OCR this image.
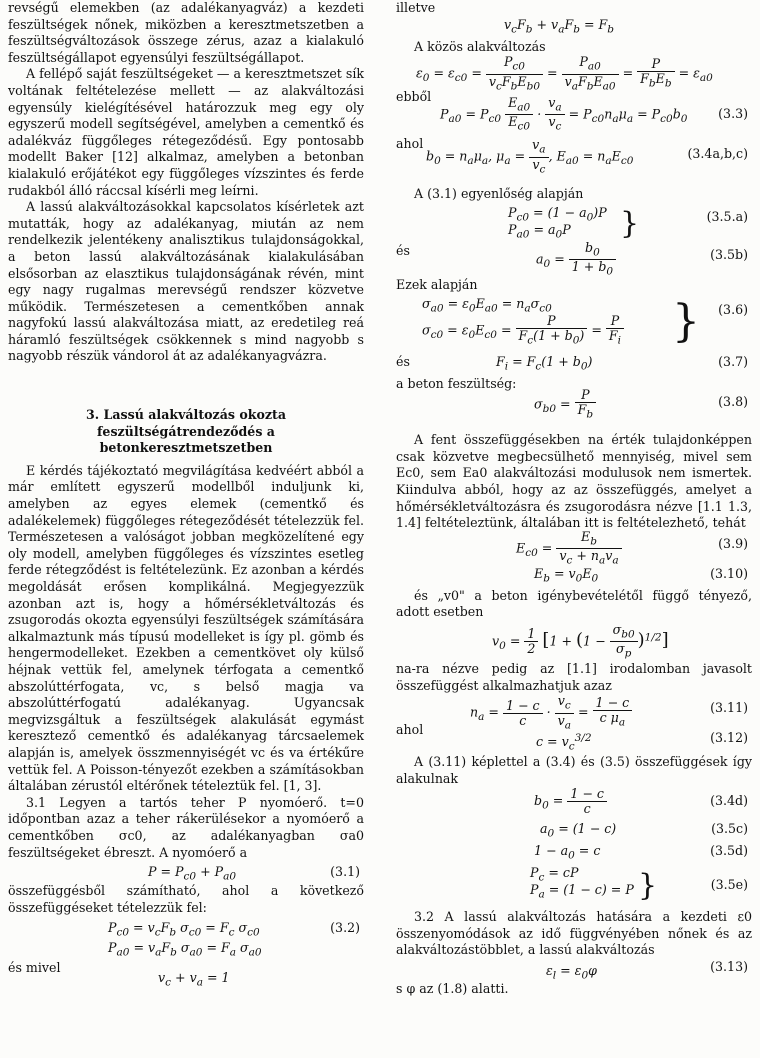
revségű elemekben (az adalékanyagváz) a kezdeti feszültségek nőnek, miközben a keresztmetszetben a feszültségváltozások összege zérus, azaz a kialakuló feszültségállapot egyensúlyi feszültségállapot.

A fellépő saját feszültségeket — a keresztmetszet sík voltának feltételezése mellett — az alakváltozási egyensúly kielégítésével határozzuk meg egy oly egyszerű modell segítségével, amelyben a cementkő és adalékváz függőleges rétegeződésű. Egy pontosabb modellt Baker [12] alkalmaz, amelyben a betonban kialakuló erőjátékot egy függőleges vízszintes és ferde rudakból álló ráccsal kísérli meg leírni.

A lassú alakváltozásokkal kapcsolatos kísérletek azt mutatták, hogy az adalékanyag, miután az nem rendelkezik jelentékeny analisztikus tulajdonságokkal, a beton lassú alakváltozásának kialakulásában elsősorban az elasztikus tulajdonságának révén, mint egy nagy rugalmas merevségű rendszer közvetve működik. Természetesen a cementkőben annak nagyfokú lassú alakváltozása miatt, az eredetileg reá háramló feszültségek csökkennek s mind nagyobb s nagyobb részük vándorol át az adalékanyagvázra.

3. Lassú alakváltozás okozta feszültségátrendeződés a betonkeresztmetszetben

E kérdés tájékoztató megvilágítása kedvéért abból a már említett egyszerű modellből induljunk ki, amelyben az egyes elemek (cementkő és adalékelemek) függőleges rétegeződését tételezzük fel. Természetesen a valóságot jobban megközelítené egy oly modell, amelyben függőleges és vízszintes esetleg ferde rétegződést is feltételezünk. Ez azonban a kérdés megoldását erősen komplikálná. Megjegyezzük azonban azt is, hogy a hőmérsékletváltozás és zsugorodás okozta egyensúlyi feszültségek számítására alkalmaztunk más típusú modelleket is így pl. gömb és hengermodelleket. Ezekben a cementkövet oly külső héjnak vettük fel, amelynek térfogata a cementkő abszolúttérfogata, vc, s belső magja va abszolúttérfogatú adalékanyag. Ugyancsak megvizsgáltuk a feszültségek alakulását egymást keresztező cementkő és adalékanyag tárcsaelemek alapján is, amelyek összmennyiségét vc és va értékűre vettük fel. A Poisson-tényezőt ezekben a számításokban általában zérustól eltérőnek tételeztük fel. [1, 3].

3.1 Legyen a tartós teher P nyomóerő. t=0 időpontban azaz a teher rákerülésekor a nyomóerő a cementkőben σc0, az adalékanyagban σa0 feszültségeket ébreszt. A nyomóerő a

$P = P_{c0} + P_{a0}$	(3.1)

összefüggésből számítható, ahol a következő összefüggéseket tételezzük fel:

$P_{c0} = v_cF_b$ $\sigma_{c0} = F_c$ $\sigma_{c0}$	(3.2)
$P_{a0} = v_aF_b$ $\sigma_{a0} = F_a$ $\sigma_{a0}$
és mivel
$v_c + v_a = 1$

illetve

$v_cF_b + v_aF_b = F_b$

A közös alakváltozás

$\varepsilon_0 = \varepsilon_{c0} = \frac{P_{c0}}{v_cF_bE_{b0}} = \frac{P_{a0}}{v_aF_bE_{a0}} = \frac{P}{F_bE_b} = \varepsilon_{a0}$

ebből

$P_{a0} = P_{c0} \frac{E_{a0}}{E_{c0}} \cdot \frac{v_a}{v_c} = P_{c0}n_a\mu_a = P_{c0}b_0$ (3.3)

ahol

$b_0 = n_a\mu_a$, $\mu_a = \frac{v_a}{v_c}$ , $E_{a0} = n_aE_{c0}$
(3.4a,b,c)

A (3.1) egyenlőség alapján

$P_{c0} = (1 - a_0)P$
$P_{a0} = a_0P$ }	(3.5.a)
és
$a_0 = \frac{b_0}{1 + b_0}$	(3.5b)

Ezek alapján

$\sigma_{a0} = \varepsilon_0E_{a0} = n_a\sigma_{c0}$	}
$\sigma_{c0} = \varepsilon_0E_{c0} = \frac{P}{F_c(1 + b_0)} = \frac{P}{F_i}$
(3.6)
és	$F_i = F_c(1 + b_0)$	(3.7)

a beton feszültség:

$\sigma_{b0} = \frac{P}{F_b}$	(3.8)

A fent összefüggésekben na érték tulajdonképpen csak közvetve megbecsülhető mennyiség, mivel sem Ec0, sem Ea0 alakváltozási modulusok nem ismertek. Kiindulva abból, hogy az az összefüggés, amelyet a hőmérsékletváltozásra és zsugorodásra nézve [1.1 1.3, 1.4] feltételeztünk, általában itt is feltételezhető, tehát

$E_{c0} = \frac{E_b}{v_c + n_av_a}$	(3.9)
$E_b = v_0E_0$	(3.10)

és „v0" a beton igénybevételétől függő tényező, adott esetben

$v_0 = \frac{1}{2} [1 + (1 - \frac{\sigma_{b0}}{\sigma_p} )^{1/2}]$

na-ra nézve pedig az [1.1] irodalomban javasolt összefüggést alkalmazhatjuk azaz

$n_a = \frac{1 - c}{c} \cdot \frac{v_c}{v_a} = \frac{1 - c}{c \mu_a}$	(3.11)
ahol
$c = v_c^{3/2}$	(3.12)

A (3.11) képlettel a (3.4) és (3.5) összefüggések így alakulnak

$b_0 = \frac{1 - c}{c}$	(3.4d)
$a_0 = (1 - c)$	(3.5c)
$1 - a_0 = c$	(3.5d)
$P_c$ = cP
$P_a = (1 - c) = P$ }	(3.5e)

3.2 A lassú alakváltozás hatására a kezdeti ε0 összenyomódások az idő függvényében nőnek és az alakváltozástöbblet, a lassú alakváltozás

$\varepsilon_l = \varepsilon_0\varphi$	(3.13)

s φ az (1.8) alatti.
